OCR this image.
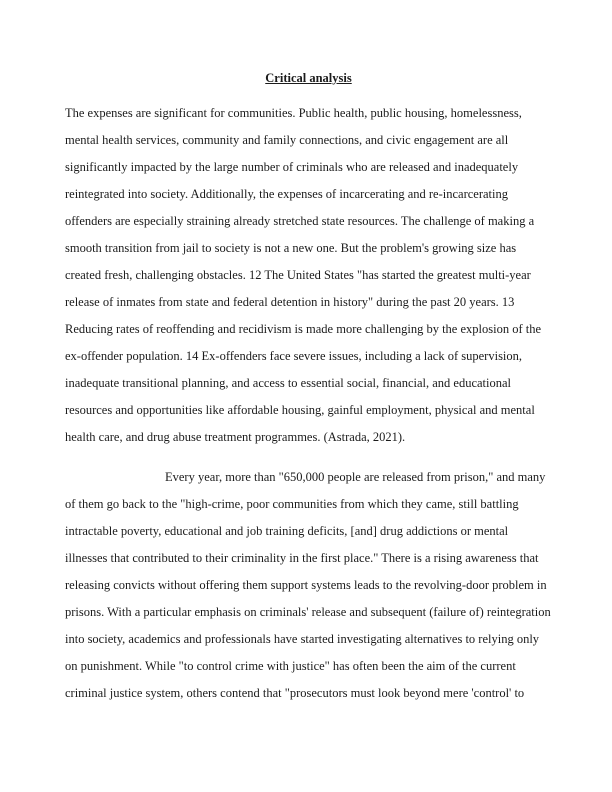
Critical analysis
The expenses are significant for communities. Public health, public housing, homelessness,
mental health services, community and family connections, and civic engagement are all
significantly impacted by the large number of criminals who are released and inadequately
reintegrated into society. Additionally, the expenses of incarcerating and re-incarcerating
offenders are especially straining already stretched state resources. The challenge of making a
smooth transition from jail to society is not a new one. But the problem's growing size has
created fresh, challenging obstacles. 12 The United States "has started the greatest multi-year
release of inmates from state and federal detention in history" during the past 20 years. 13
Reducing rates of reoffending and recidivism is made more challenging by the explosion of the
ex-offender population. 14 Ex-offenders face severe issues, including a lack of supervision,
inadequate transitional planning, and access to essential social, financial, and educational
resources and opportunities like affordable housing, gainful employment, physical and mental
health care, and drug abuse treatment programmes. (Astrada, 2021).
Every year, more than "650,000 people are released from prison," and many
of them go back to the "high-crime, poor communities from which they came, still battling
intractable poverty, educational and job training deficits, [and] drug addictions or mental
illnesses that contributed to their criminality in the first place." There is a rising awareness that
releasing convicts without offering them support systems leads to the revolving-door problem in
prisons. With a particular emphasis on criminals' release and subsequent (failure of) reintegration
into society, academics and professionals have started investigating alternatives to relying only
on punishment. While "to control crime with justice" has often been the aim of the current
criminal justice system, others contend that "prosecutors must look beyond mere 'control' to
